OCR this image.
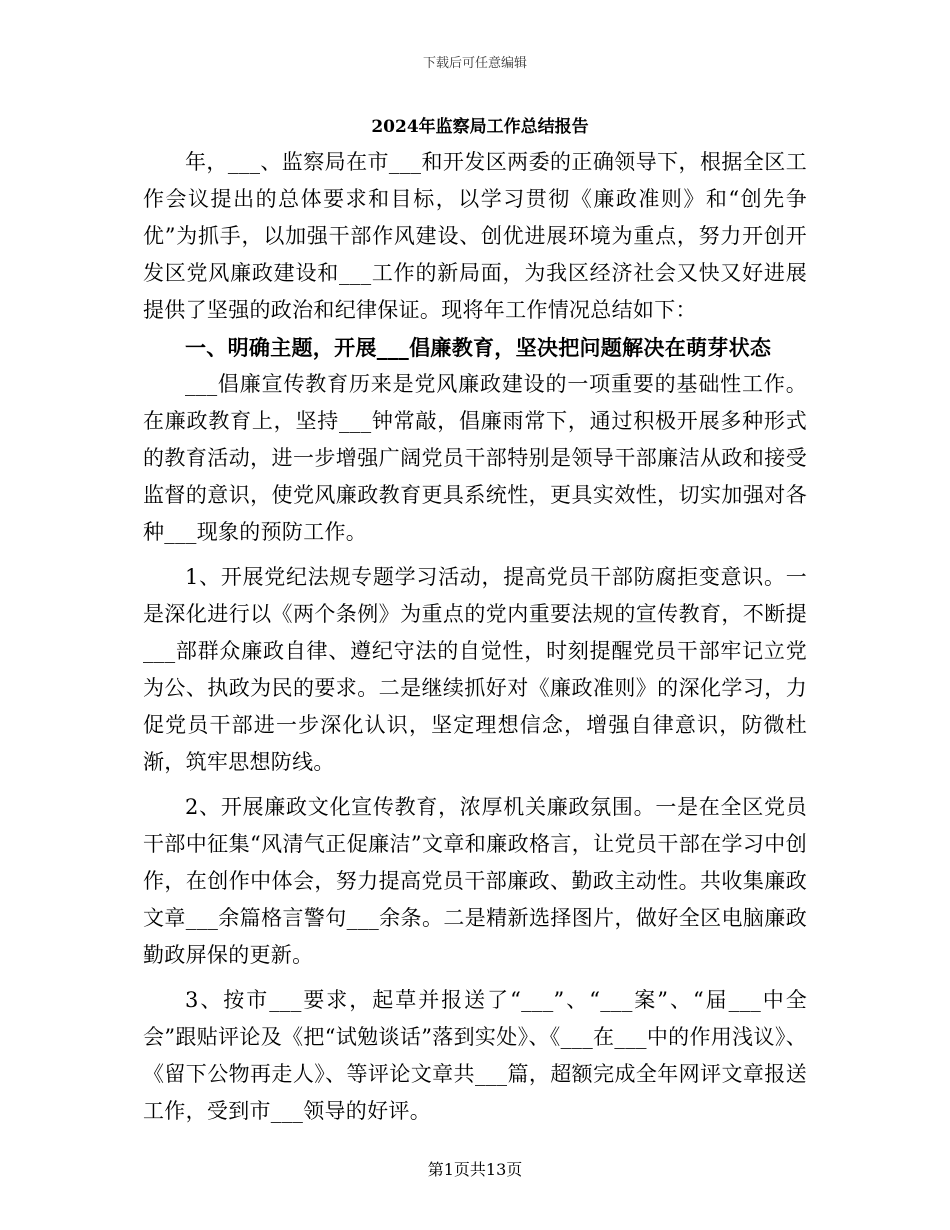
下载后可任意编辑
2024年监察局工作总结报告

年，___、监察局在市___和开发区两委的正确领导下，根据全区工作会议提出的总体要求和目标，以学习贯彻《廉政准则》和“创先争优”为抓手，以加强干部作风建设、创优进展环境为重点，努力开创开发区党风廉政建设和___工作的新局面，为我区经济社会又快又好进展提供了坚强的政治和纪律保证。现将年工作情况总结如下：

一、明确主题，开展___倡廉教育，坚决把问题解决在萌芽状态

___倡廉宣传教育历来是党风廉政建设的一项重要的基础性工作。在廉政教育上，坚持___钟常敲，倡廉雨常下，通过积极开展多种形式的教育活动，进一步增强广阔党员干部特别是领导干部廉洁从政和接受监督的意识，使党风廉政教育更具系统性，更具实效性，切实加强对各种___现象的预防工作。

1、开展党纪法规专题学习活动，提高党员干部防腐拒变意识。一是深化进行以《两个条例》为重点的党内重要法规的宣传教育，不断提___部群众廉政自律、遵纪守法的自觉性，时刻提醒党员干部牢记立党为公、执政为民的要求。二是继续抓好对《廉政准则》的深化学习，力促党员干部进一步深化认识，坚定理想信念，增强自律意识，防微杜渐，筑牢思想防线。

2、开展廉政文化宣传教育，浓厚机关廉政氛围。一是在全区党员干部中征集“风清气正促廉洁”文章和廉政格言，让党员干部在学习中创作，在创作中体会，努力提高党员干部廉政、勤政主动性。共收集廉政文章___余篇格言警句___余条。二是精新选择图片，做好全区电脑廉政勤政屏保的更新。

3、按市___要求，起草并报送了“___”、“___案”、“届___中全会”跟贴评论及《把“试勉谈话”落到实处》、《___在___中的作用浅议》、《留下公物再走人》、等评论文章共___篇，超额完成全年网评文章报送工作，受到市___领导的好评。

第1页共13页
